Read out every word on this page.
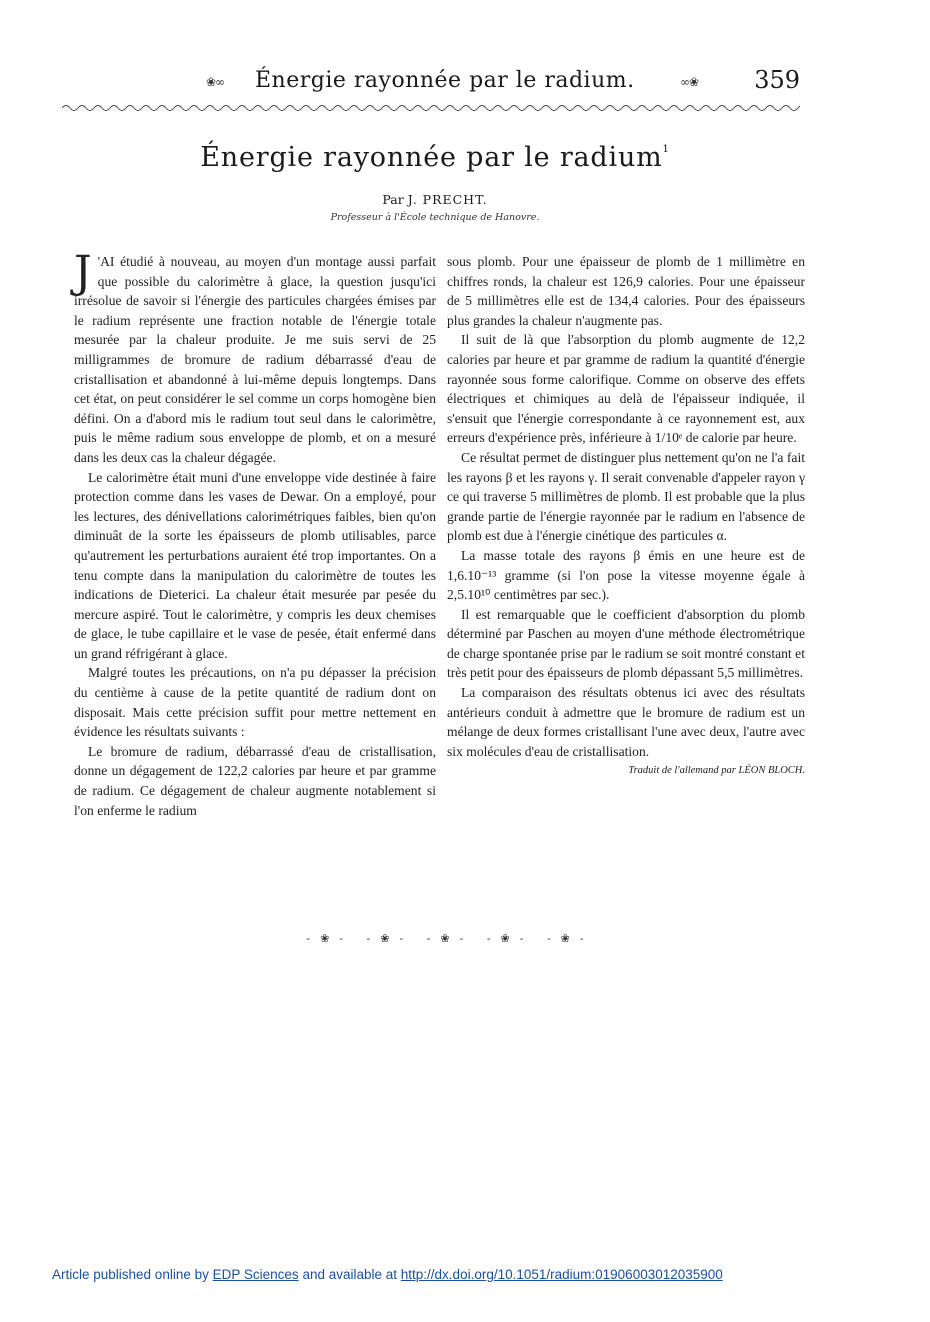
❀∞ Énergie rayonnée par le radium.	∞❀ 359
Énergie rayonnée par le radium$^1$
Par J. PRECHT.
Professeur à l'École technique de Hanovre.

J 'AI étudié à nouveau, au moyen d'un montage aussi parfait que possible du calorimètre à glace, la question jusqu'ici irrésolue de savoir si l'énergie des particules chargées émises par le radium représente une fraction notable de l'énergie totale mesurée par la chaleur produite. Je me suis servi de 25 milligrammes de bromure de radium débarrassé d'eau de cristallisation et abandonné à lui-même depuis longtemps. Dans cet état, on peut considérer le sel comme un corps homogène bien défini. On a d'abord mis le radium tout seul dans le calorimètre, puis le même radium sous enveloppe de plomb, et on a mesuré dans les deux cas la chaleur dégagée.

Le calorimètre était muni d'une enveloppe vide destinée à faire protection comme dans les vases de Dewar. On a employé, pour les lectures, des dénivellations calorimétriques faibles, bien qu'on diminuât de la sorte les épaisseurs de plomb utilisables, parce qu'autrement les perturbations auraient été trop importantes. On a tenu compte dans la manipulation du calorimètre de toutes les indications de Dieterici. La chaleur était mesurée par pesée du mercure aspiré. Tout le calorimètre, y compris les deux chemises de glace, le tube capillaire et le vase de pesée, était enfermé dans un grand réfrigérant à glace.

Malgré toutes les précautions, on n'a pu dépasser la précision du centième à cause de la petite quantité de radium dont on disposait. Mais cette précision suffit pour mettre nettement en évidence les résultats suivants :

Le bromure de radium, débarrassé d'eau de cristallisation, donne un dégagement de 122,2 calories par heure et par gramme de radium. Ce dégagement de chaleur augmente notablement si l'on enferme le radium

sous plomb. Pour une épaisseur de plomb de 1 millimètre en chiffres ronds, la chaleur est 126,9 calories. Pour une épaisseur de 5 millimètres elle est de 134,4 calories. Pour des épaisseurs plus grandes la chaleur n'augmente pas.

Il suit de là que l'absorption du plomb augmente de 12,2 calories par heure et par gramme de radium la quantité d'énergie rayonnée sous forme calorifique. Comme on observe des effets électriques et chimiques au delà de l'épaisseur indiquée, il s'ensuit que l'énergie correspondante à ce rayonnement est, aux erreurs d'expérience près, inférieure à 1/10ᵉ de calorie par heure.

Ce résultat permet de distinguer plus nettement qu'on ne l'a fait les rayons β et les rayons γ. Il serait convenable d'appeler rayon γ ce qui traverse 5 millimètres de plomb. Il est probable que la plus grande partie de l'énergie rayonnée par le radium en l'absence de plomb est due à l'énergie cinétique des particules α.

La masse totale des rayons β émis en une heure est de 1,6.10⁻¹³ gramme (si l'on pose la vitesse moyenne égale à 2,5.10¹⁰ centimètres par sec.).

Il est remarquable que le coefficient d'absorption du plomb déterminé par Paschen au moyen d'une méthode électrométrique de charge spontanée prise par le radium se soit montré constant et très petit pour des épaisseurs de plomb dépassant 5,5 millimètres.

La comparaison des résultats obtenus ici avec des résultats antérieurs conduit à admettre que le bromure de radium est un mélange de deux formes cristallisant l'une avec deux, l'autre avec six molécules d'eau de cristallisation.

Traduit de l'allemand par LÉON BLOCH.

-❀- -❀- -❀- -❀- -❀-
Article published online by EDP Sciences and available at http://dx.doi.org/10.1051/radium:01906003012035900
